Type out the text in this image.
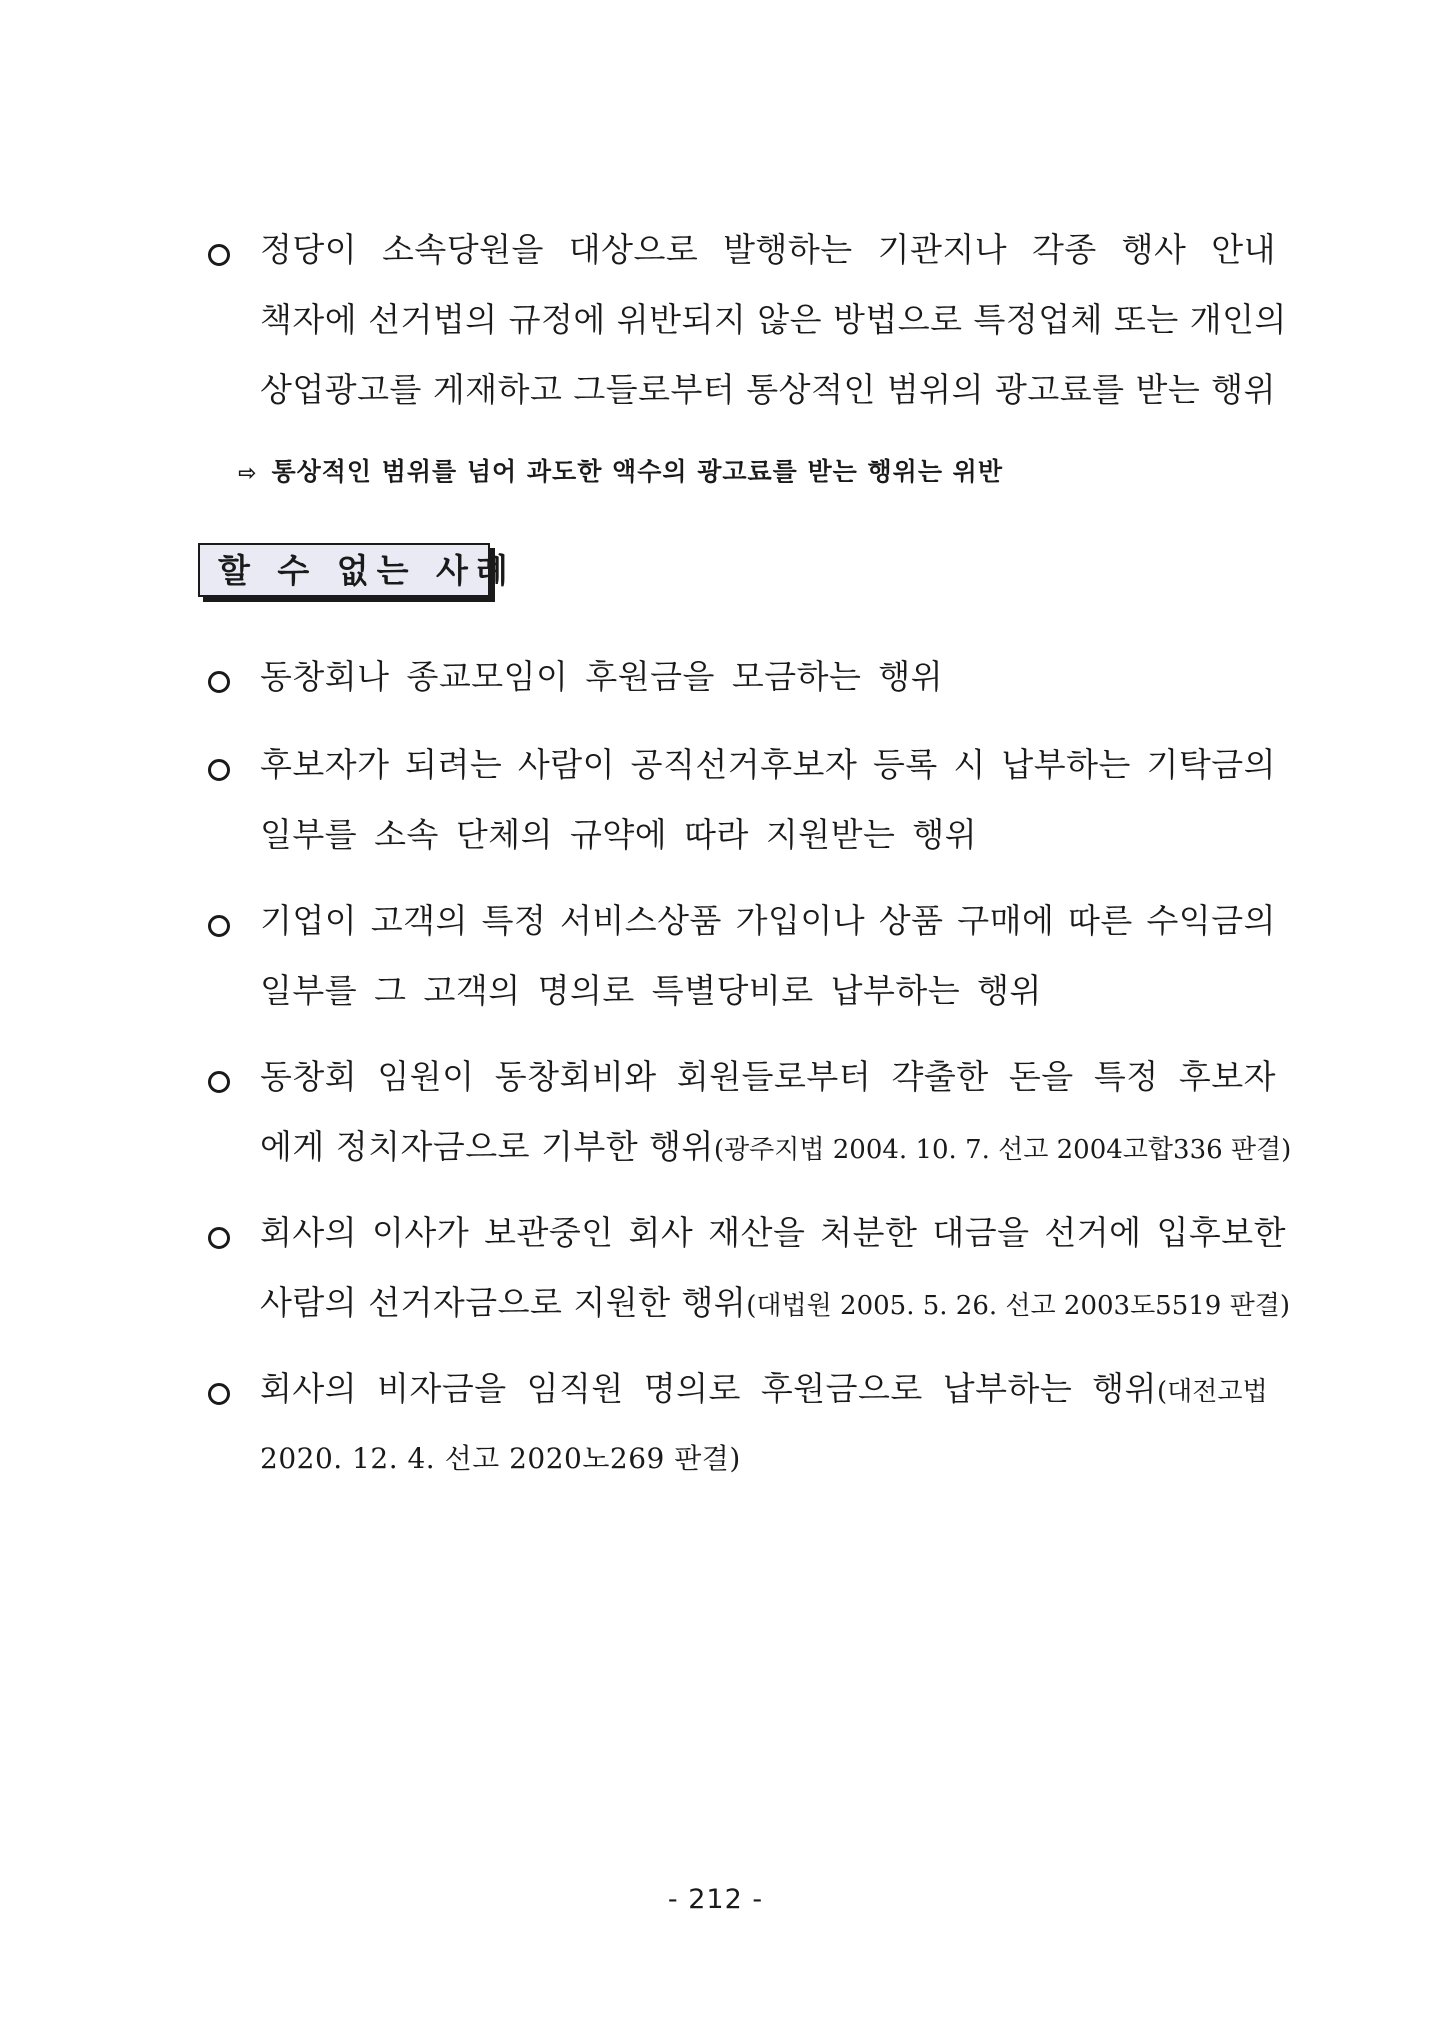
정당이 소속당원을 대상으로 발행하는 기관지나 각종 행사 안내
책자에 선거법의 규정에 위반되지 않은 방법으로 특정업체 또는 개인의
상업광고를 게재하고 그들로부터 통상적인 범위의 광고료를 받는 행위
⇨ 통상적인 범위를 넘어 과도한 액수의 광고료를 받는 행위는 위반
할 수 없는 사례
동창회나 종교모임이 후원금을 모금하는 행위
후보자가 되려는 사람이 공직선거후보자 등록 시 납부하는 기탁금의
일부를 소속 단체의 규약에 따라 지원받는 행위
기업이 고객의 특정 서비스상품 가입이나 상품 구매에 따른 수익금의
일부를 그 고객의 명의로 특별당비로 납부하는 행위
동창회 임원이 동창회비와 회원들로부터 갹출한 돈을 특정 후보자
에게 정치자금으로 기부한 행위(광주지법 2004. 10. 7. 선고 2004고합336 판결)
회사의 이사가 보관중인 회사 재산을 처분한 대금을 선거에 입후보한
사람의 선거자금으로 지원한 행위(대법원 2005. 5. 26. 선고 2003도5519 판결)
회사의 비자금을 임직원 명의로 후원금으로 납부하는 행위(대전고법
2020. 12. 4. 선고 2020노269 판결)
- 212 -
